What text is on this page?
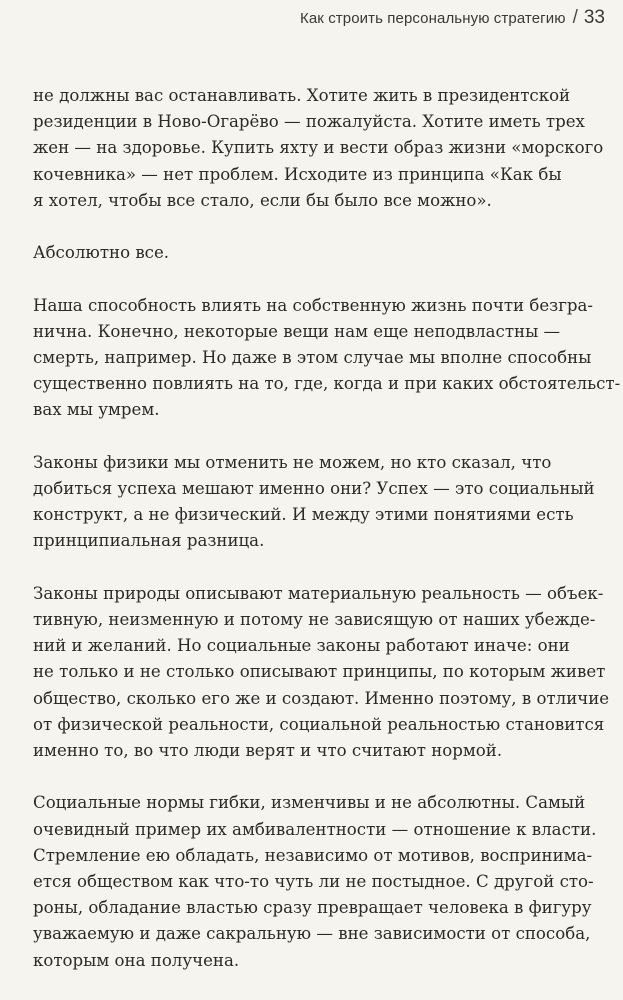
Как строить персональную стратегию / 33

не должны вас останавливать. Хотите жить в президентской
резиденции в Ново-Огарёво — пожалуйста. Хотите иметь трех
жен — на здоровье. Купить яхту и вести образ жизни «морского
кочевника» — нет проблем. Исходите из принципа «Как бы
я хотел, чтобы все стало, если бы было все можно».

Абсолютно все.

Наша способность влиять на собственную жизнь почти безгра-
нична. Конечно, некоторые вещи нам еще неподвластны —
смерть, например. Но даже в этом случае мы вполне способны
существенно повлиять на то, где, когда и при каких обстоятельст-
вах мы умрем.

Законы физики мы отменить не можем, но кто сказал, что
добиться успеха мешают именно они? Успех — это социальный
конструкт, а не физический. И между этими понятиями есть
принципиальная разница.

Законы природы описывают материальную реальность — объек-
тивную, неизменную и потому не зависящую от наших убежде-
ний и желаний. Но социальные законы работают иначе: они
не только и не столько описывают принципы, по которым живет
общество, сколько его же и создают. Именно поэтому, в отличие
от физической реальности, социальной реальностью становится
именно то, во что люди верят и что считают нормой.

Социальные нормы гибки, изменчивы и не абсолютны. Самый
очевидный пример их амбивалентности — отношение к власти.
Стремление ею обладать, независимо от мотивов, воспринима-
ется обществом как что-то чуть ли не постыдное. С другой сто-
роны, обладание властью сразу превращает человека в фигуру
уважаемую и даже сакральную — вне зависимости от способа,
которым она получена.
